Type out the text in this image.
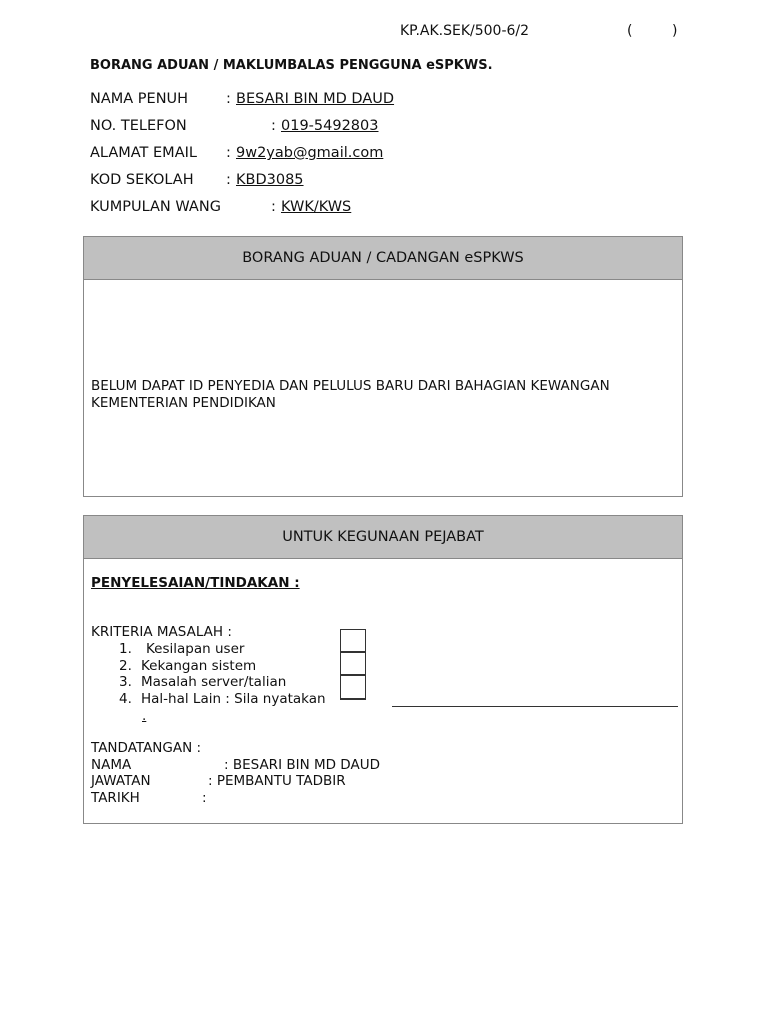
KP.AK.SEK/500-6/2	(	)
BORANG ADUAN / MAKLUMBALAS PENGGUNA eSPKWS.
NAMA PENUH	: BESARI BIN MD DAUD
NO. TELEFON	: 019-5492803
ALAMAT EMAIL : 9w2yab@gmail.com
KOD SEKOLAH : KBD3085
KUMPULAN WANG	: KWK/KWS
BORANG ADUAN / CADANGAN eSPKWS
BELUM DAPAT ID PENYEDIA DAN PELULUS BARU DARI BAHAGIAN KEWANGAN
KEMENTERIAN PENDIDIKAN
UNTUK KEGUNAAN PEJABAT
PENYELESAIAN/TINDAKAN :
KRITERIA MASALAH :
1. Kesilapan user
2. Kekangan sistem
3. Masalah server/talian
4. Hal-hal Lain : Sila nyatakan
.
TANDATANGAN :
NAMA	: BESARI BIN MD DAUD
JAWATAN	: PEMBANTU TADBIR
TARIKH	:
